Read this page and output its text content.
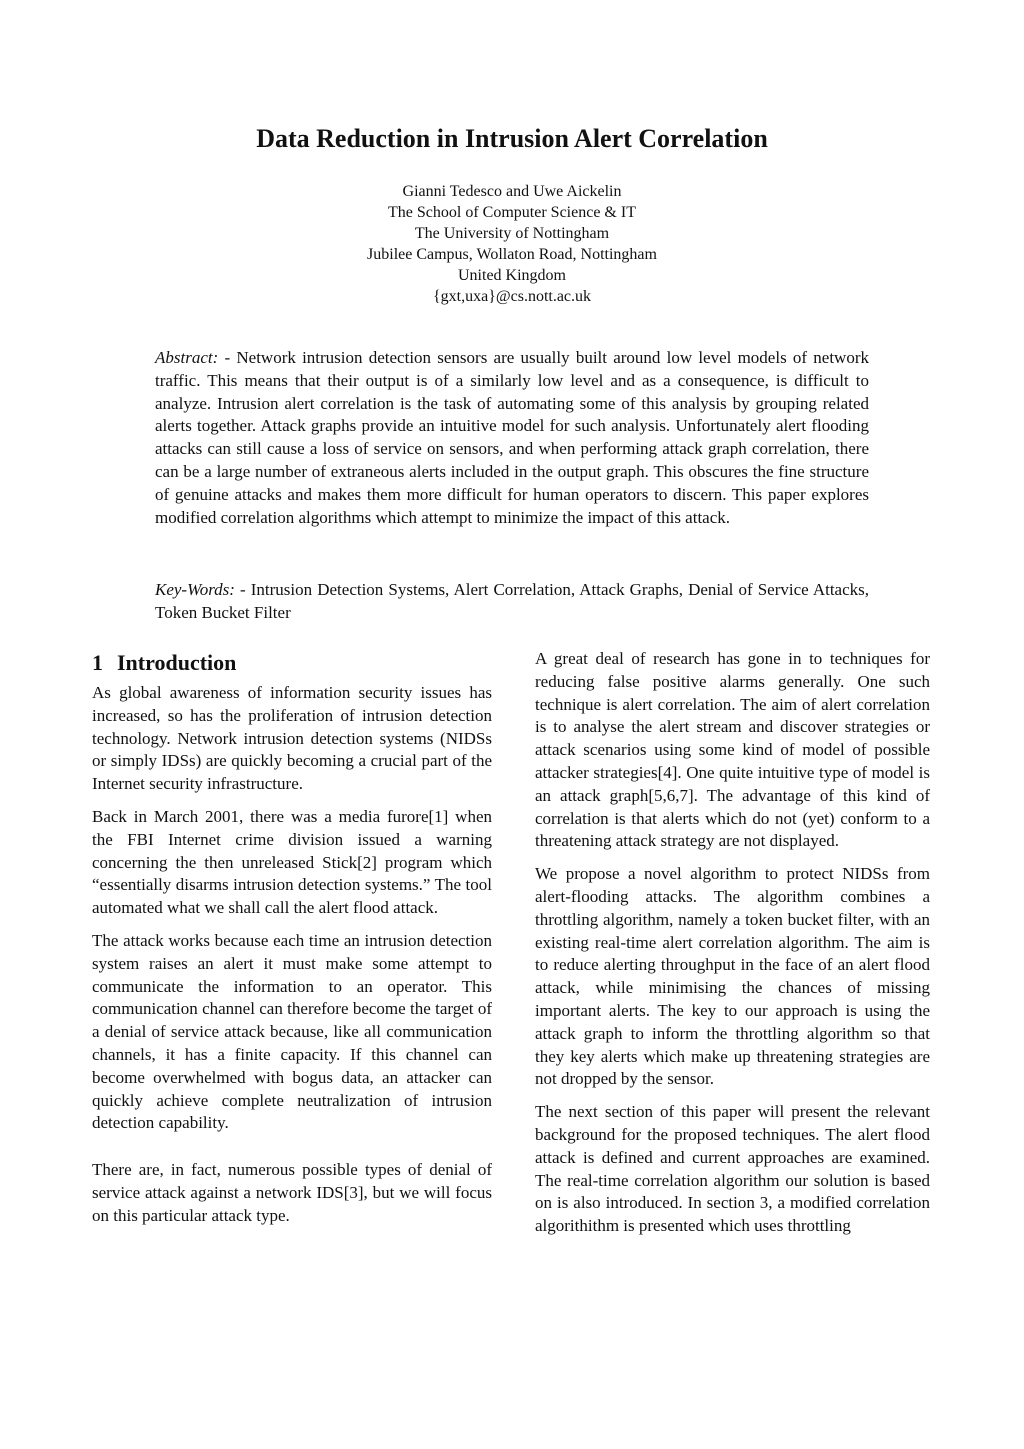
Data Reduction in Intrusion Alert Correlation
Gianni Tedesco and Uwe Aickelin
The School of Computer Science & IT
The University of Nottingham
Jubilee Campus, Wollaton Road, Nottingham
United Kingdom
{gxt,uxa}@cs.nott.ac.uk

Abstract: - Network intrusion detection sensors are usually built around low level models of network traffic. This means that their output is of a similarly low level and as a consequence, is difficult to analyze. Intrusion alert correlation is the task of automating some of this analysis by grouping related alerts together. Attack graphs provide an intuitive model for such analysis. Unfortunately alert flooding attacks can still cause a loss of service on sensors, and when performing attack graph correlation, there can be a large number of extraneous alerts included in the output graph. This obscures the fine structure of genuine attacks and makes them more difficult for human operators to discern. This paper explores modified correlation algorithms which attempt to minimize the impact of this attack.

Key-Words: - Intrusion Detection Systems, Alert Correlation, Attack Graphs, Denial of Service Attacks, Token Bucket Filter

1 Introduction

As global awareness of information security issues has increased, so has the proliferation of intrusion detection technology. Network intrusion detection systems (NIDSs or simply IDSs) are quickly becoming a crucial part of the Internet security infrastructure.

Back in March 2001, there was a media furore[1] when the FBI Internet crime division issued a warning concerning the then unreleased Stick[2] program which “essentially disarms intrusion detection systems.” The tool automated what we shall call the alert flood attack.

The attack works because each time an intrusion detection system raises an alert it must make some attempt to communicate the information to an operator. This communication channel can therefore become the target of a denial of service attack because, like all communication channels, it has a finite capacity. If this channel can become overwhelmed with bogus data, an attacker can quickly achieve complete neutralization of intrusion detection capability.

There are, in fact, numerous possible types of denial of service attack against a network IDS[3], but we will focus on this particular attack type.

A great deal of research has gone in to techniques for reducing false positive alarms generally. One such technique is alert correlation. The aim of alert correlation is to analyse the alert stream and discover strategies or attack scenarios using some kind of model of possible attacker strategies[4]. One quite intuitive type of model is an attack graph[5,6,7]. The advantage of this kind of correlation is that alerts which do not (yet) conform to a threatening attack strategy are not displayed.

We propose a novel algorithm to protect NIDSs from alert-flooding attacks. The algorithm combines a throttling algorithm, namely a token bucket filter, with an existing real-time alert correlation algorithm. The aim is to reduce alerting throughput in the face of an alert flood attack, while minimising the chances of missing important alerts. The key to our approach is using the attack graph to inform the throttling algorithm so that they key alerts which make up threatening strategies are not dropped by the sensor.

The next section of this paper will present the relevant background for the proposed techniques. The alert flood attack is defined and current approaches are examined. The real-time correlation algorithm our solution is based on is also introduced. In section 3, a modified correlation algorithithm is presented which uses throttling
